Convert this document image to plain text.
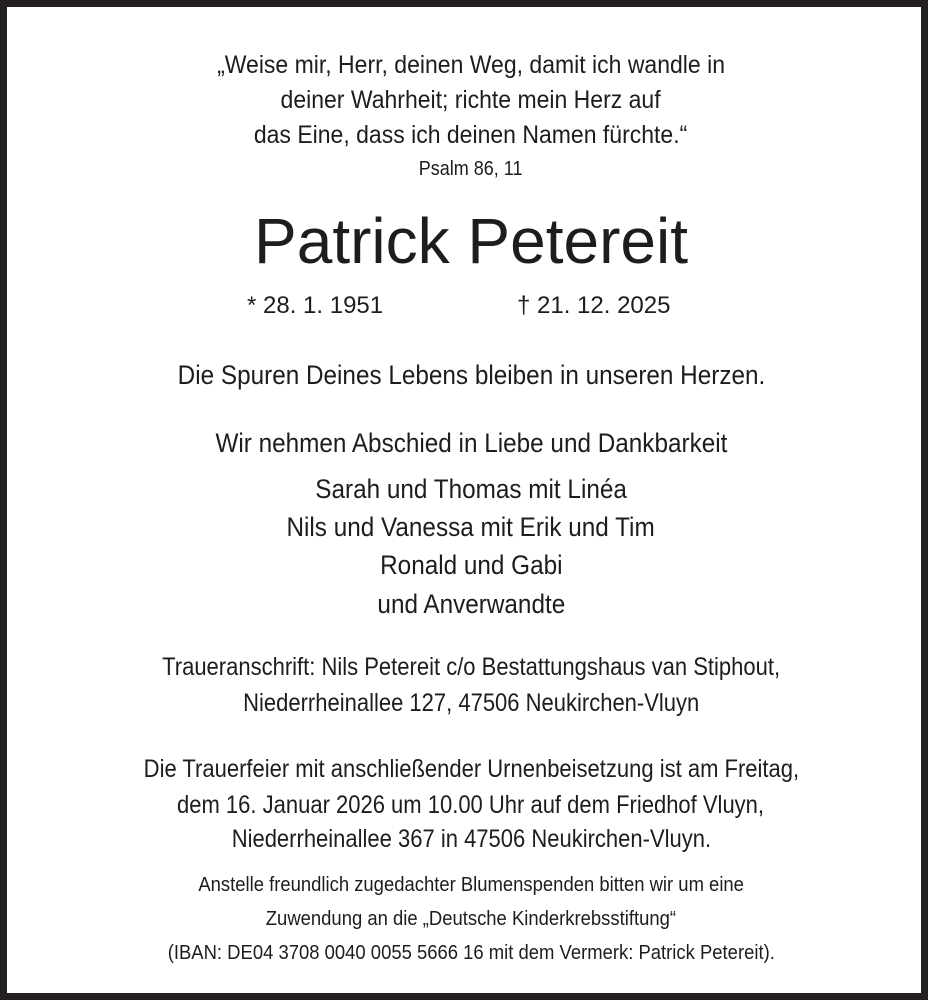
„Weise mir, Herr, deinen Weg, damit ich wandle in
deiner Wahrheit; richte mein Herz auf
das Eine, dass ich deinen Namen fürchte.“
Psalm 86, 11
Patrick Petereit
* 28. 1. 1951	† 21. 12. 2025
Die Spuren Deines Lebens bleiben in unseren Herzen.
Wir nehmen Abschied in Liebe und Dankbarkeit
Sarah und Thomas mit Linéa
Nils und Vanessa mit Erik und Tim
Ronald und Gabi
und Anverwandte
Traueranschrift: Nils Petereit c/o Bestattungshaus van Stiphout,
Niederrheinallee 127, 47506 Neukirchen-Vluyn
Die Trauerfeier mit anschließender Urnenbeisetzung ist am Freitag,
dem 16. Januar 2026 um 10.00 Uhr auf dem Friedhof Vluyn,
Niederrheinallee 367 in 47506 Neukirchen-Vluyn.
Anstelle freundlich zugedachter Blumenspenden bitten wir um eine
Zuwendung an die „Deutsche Kinderkrebsstiftung“
(IBAN: DE04 3708 0040 0055 5666 16 mit dem Vermerk: Patrick Petereit).
